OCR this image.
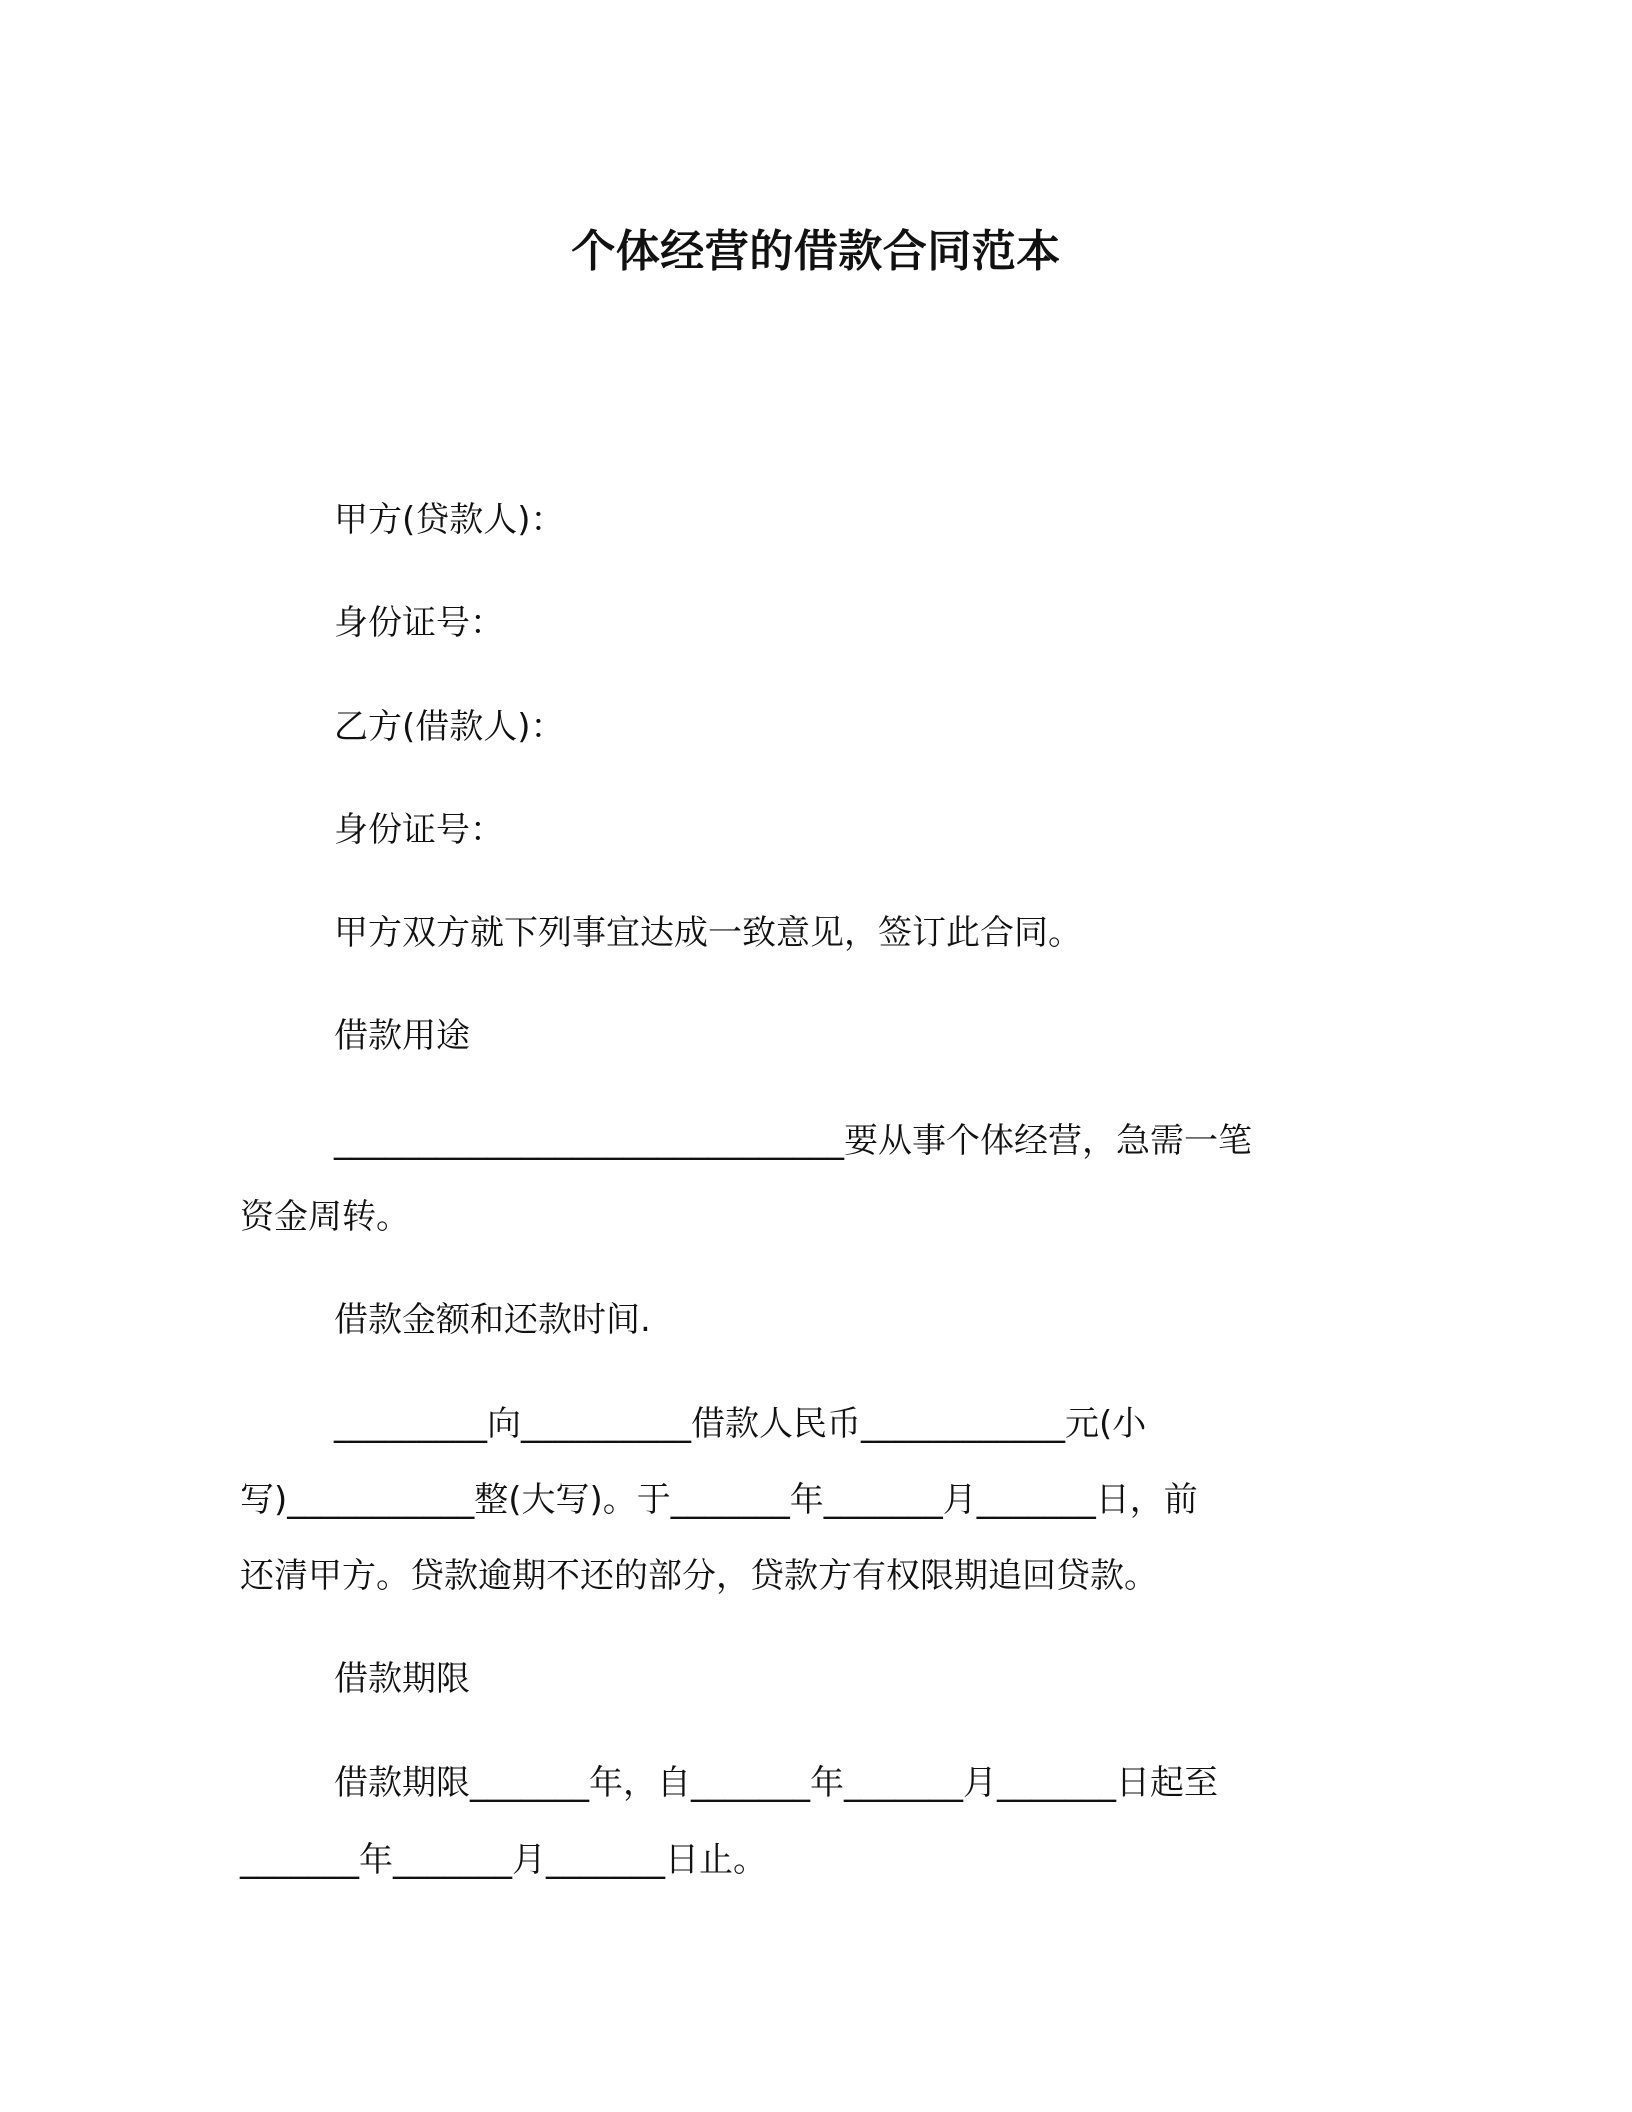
个体经营的借款合同范本
甲方(贷款人)：
身份证号：
乙方(借款人)：
身份证号：
甲方双方就下列事宜达成一致意见，签订此合同。
借款用途
______________________________要从事个体经营，急需一笔
资金周转。
借款金额和还款时间.
_________向__________借款人民币____________元(小
写)___________整(大写)。于_______年_______月_______日，前
还清甲方。贷款逾期不还的部分，贷款方有权限期追回贷款。
借款期限
借款期限_______年，自_______年_______月_______日起至
_______年_______月_______日止。
